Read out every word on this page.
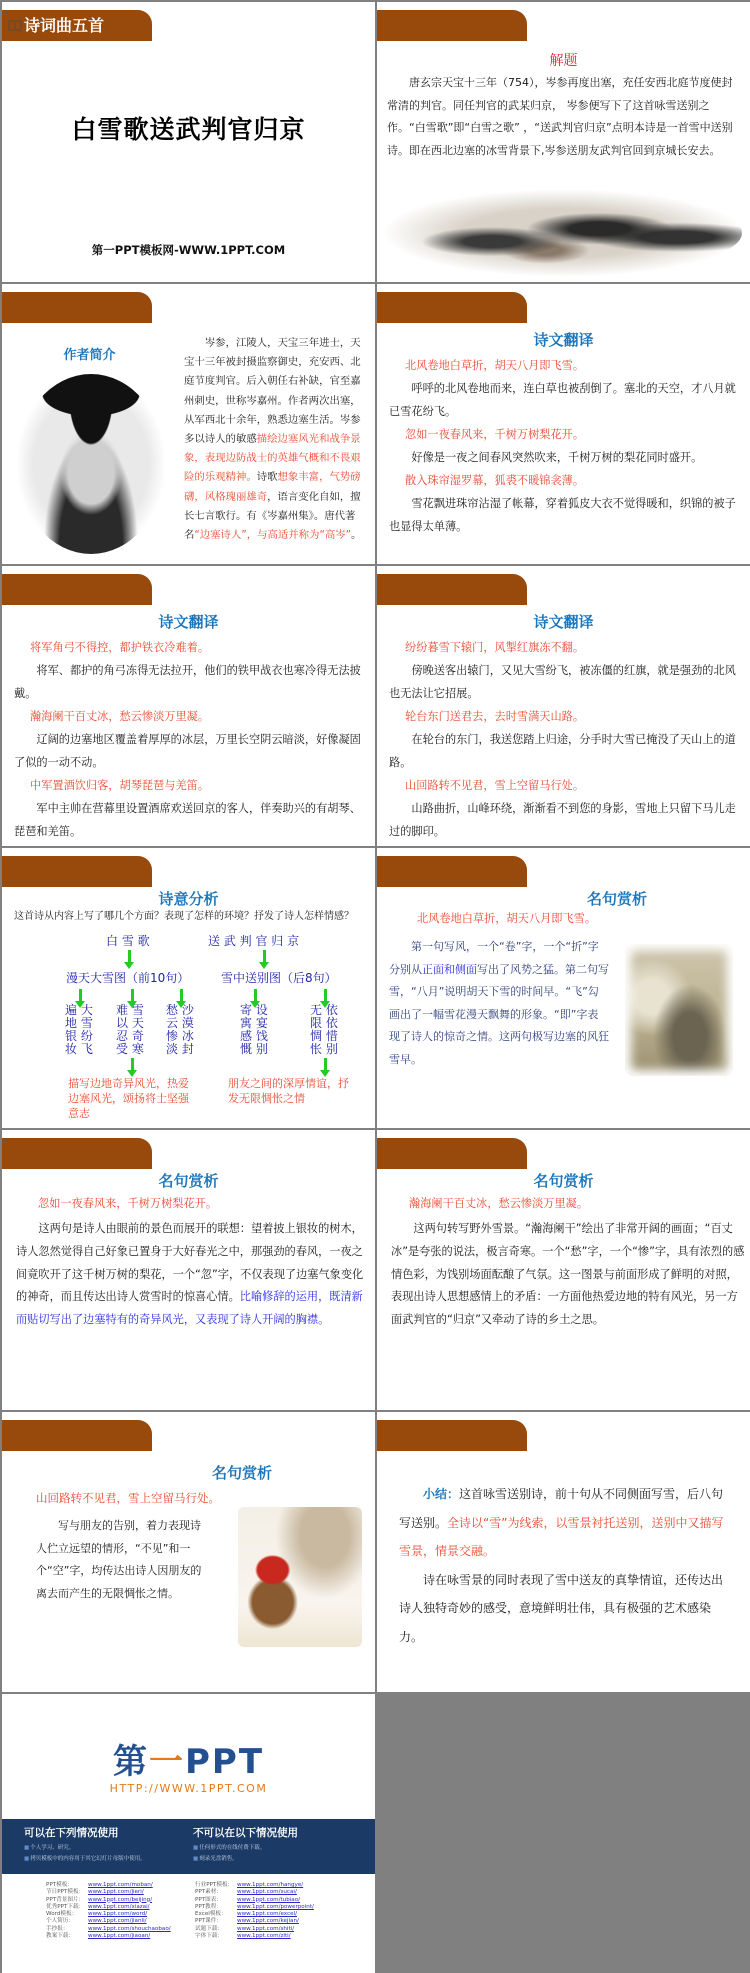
诗词曲五首
白雪歌送武判官归京
第一PPT模板网-WWW.1PPT.COM
解题
唐玄宗天宝十三年（754），岑参再度出塞，充任安西北庭节度使封常清的判官。同任判官的武某归京， 岑参便写下了这首咏雪送别之作。“白雪歌”即“白雪之歌” ，“送武判官归京”点明本诗是一首雪中送别诗。即在西北边塞的冰雪背景下,岑参送朋友武判官回到京城长安去。
作者简介
岑参，江陵人，天宝三年进士，天宝十三年被封摄监察御史，充安西、北庭节度判官。后入朝任右补缺，官至嘉州刺史，世称岑嘉州。作者两次出塞，从军西北十余年，熟悉边塞生活。岑参多以诗人的敏感描绘边塞风光和战争景象，表现边防战士的英雄气概和不畏艰险的乐观精神。诗歌想象丰富，气势磅礴，风格瑰丽雄奇，语言变化自如，擅长七言歌行。有《岑嘉州集》。唐代著名“边塞诗人”，与高适并称为“高岑”。
诗文翻译
北风卷地白草折，胡天八月即飞雪。
呼呼的北风卷地而来，连白草也被刮倒了。塞北的天空，才八月就已雪花纷飞。
忽如一夜春风来，千树万树梨花开。
好像是一夜之间春风突然吹来，千树万树的梨花同时盛开。
散入珠帘湿罗幕，狐裘不暖锦衾薄。
雪花飘进珠帘沾湿了帐幕，穿着狐皮大衣不觉得暖和，织锦的被子也显得太单薄。
诗文翻译
将军角弓不得控，都护铁衣冷难着。
将军、都护的角弓冻得无法拉开，他们的铁甲战衣也寒冷得无法披戴。
瀚海阑干百丈冰，愁云惨淡万里凝。
辽阔的边塞地区覆盖着厚厚的冰层，万里长空阴云暗淡，好像凝固了似的一动不动。
中军置酒饮归客，胡琴琵琶与羌笛。
军中主帅在营幕里设置酒席欢送回京的客人，伴奏助兴的有胡琴、琵琶和羌笛。
诗文翻译
纷纷暮雪下辕门，风掣红旗冻不翻。
傍晚送客出辕门，又见大雪纷飞，被冻僵的红旗，就是强劲的北风也无法让它招展。
轮台东门送君去，去时雪满天山路。
在轮台的东门，我送您踏上归途，分手时大雪已掩没了天山上的道路。
山回路转不见君，雪上空留马行处。
山路曲折，山峰环绕，渐渐看不到您的身影，雪地上只留下马儿走过的脚印。
诗意分析
这首诗从内容上写了哪几个方面？表现了怎样的环境？抒发了诗人怎样情感？
白 雪 歌	送 武 判 官 归 京
漫天大雪图（前10句）	雪中送别图（后8句）
遍 大
地 雪
银 纷
妆 飞
难 雪
以 天
忍 奇
受 寒
愁 沙
云 漠
惨 冰
淡 封
寄 设
寓 宴
感 饯
慨 别
无 依
限 依
惆 惜
怅 别
描写边地奇异风光，热爱边塞风光，颂扬将士坚强意志
朋友之间的深厚情谊，抒发无限惆怅之情
名句赏析
北风卷地白草折，胡天八月即飞雪。
第一句写风，一个“卷”字，一个“折”字分别从正面和侧面写出了风势之猛。第二句写雪，“八月”说明胡天下雪的时间早。“飞”勾画出了一幅雪花漫天飘舞的形象。“即”字表现了诗人的惊奇之情。这两句极写边塞的风狂雪早。
名句赏析
忽如一夜春风来，千树万树梨花开。
这两句是诗人由眼前的景色而展开的联想：望着披上银妆的树木，诗人忽然觉得自己好象已置身于大好春光之中，那强劲的春风，一夜之间竟吹开了这千树万树的梨花，一个“忽”字，不仅表现了边塞气象变化的神奇，而且传达出诗人赏雪时的惊喜心情。比喻修辞的运用，既清新而贴切写出了边塞特有的奇异风光，又表现了诗人开阔的胸襟。
名句赏析
瀚海阑干百丈冰，愁云惨淡万里凝。
这两句转写野外雪景。“瀚海阑干”绘出了非常开阔的画面；“百丈冰”是夸张的说法，极言奇寒。一个“愁”字，一个“惨”字，具有浓烈的感情色彩，为饯别场面酝酿了气氛。这一图景与前面形成了鲜明的对照，表现出诗人思想感情上的矛盾：一方面他热爱边地的特有风光，另一方面武判官的“归京”又牵动了诗的乡土之思。
名句赏析
山回路转不见君，雪上空留马行处。
写与朋友的告别，着力表现诗人伫立远望的情形，“不见”和一个“空”字，均传达出诗人因朋友的离去而产生的无限惆怅之情。
小结：这首咏雪送别诗，前十句从不同侧面写雪，后八句写送别。全诗以“雪”为线索，以雪景衬托送别，送别中又描写雪景，情景交融。
诗在咏雪景的同时表现了雪中送友的真挚情谊，还传达出诗人独特奇妙的感受，意境鲜明壮伟，具有极强的艺术感染力。
第一PPT
HTTP://WWW.1PPT.COM
可以在下列情况使用
■ 个人学习、研究。
■ 拷贝模板中的内容用于其它幻灯片母版中使用。
不可以在以下情况使用
■ 任何形式的在线付费下载。
■ 刻录光盘销售。
PPT模板：	www.1ppt.com/moban/
节日PPT模板： www.1ppt.com/jieri/
PPT背景图片： www.1ppt.com/beijing/
优秀PPT下载： www.1ppt.com/xiazai/
Word模板：	www.1ppt.com/word/
个人简历：	www.1ppt.com/jianli/
手抄报：	www.1ppt.com/shouchaobao/
教案下载：	www.1ppt.com/jiaoan/
行业PPT模板： www.1ppt.com/hangye/
PPT素材：	www.1ppt.com/sucai/
PPT图表：	www.1ppt.com/tubiao/
PPT教程：	www.1ppt.com/powerpoint/
Excel模板：	www.1ppt.com/excel/
PPT课件：	www.1ppt.com/kejian/
试题下载：	www.1ppt.com/shiti/
字体下载：	www.1ppt.com/ziti/
